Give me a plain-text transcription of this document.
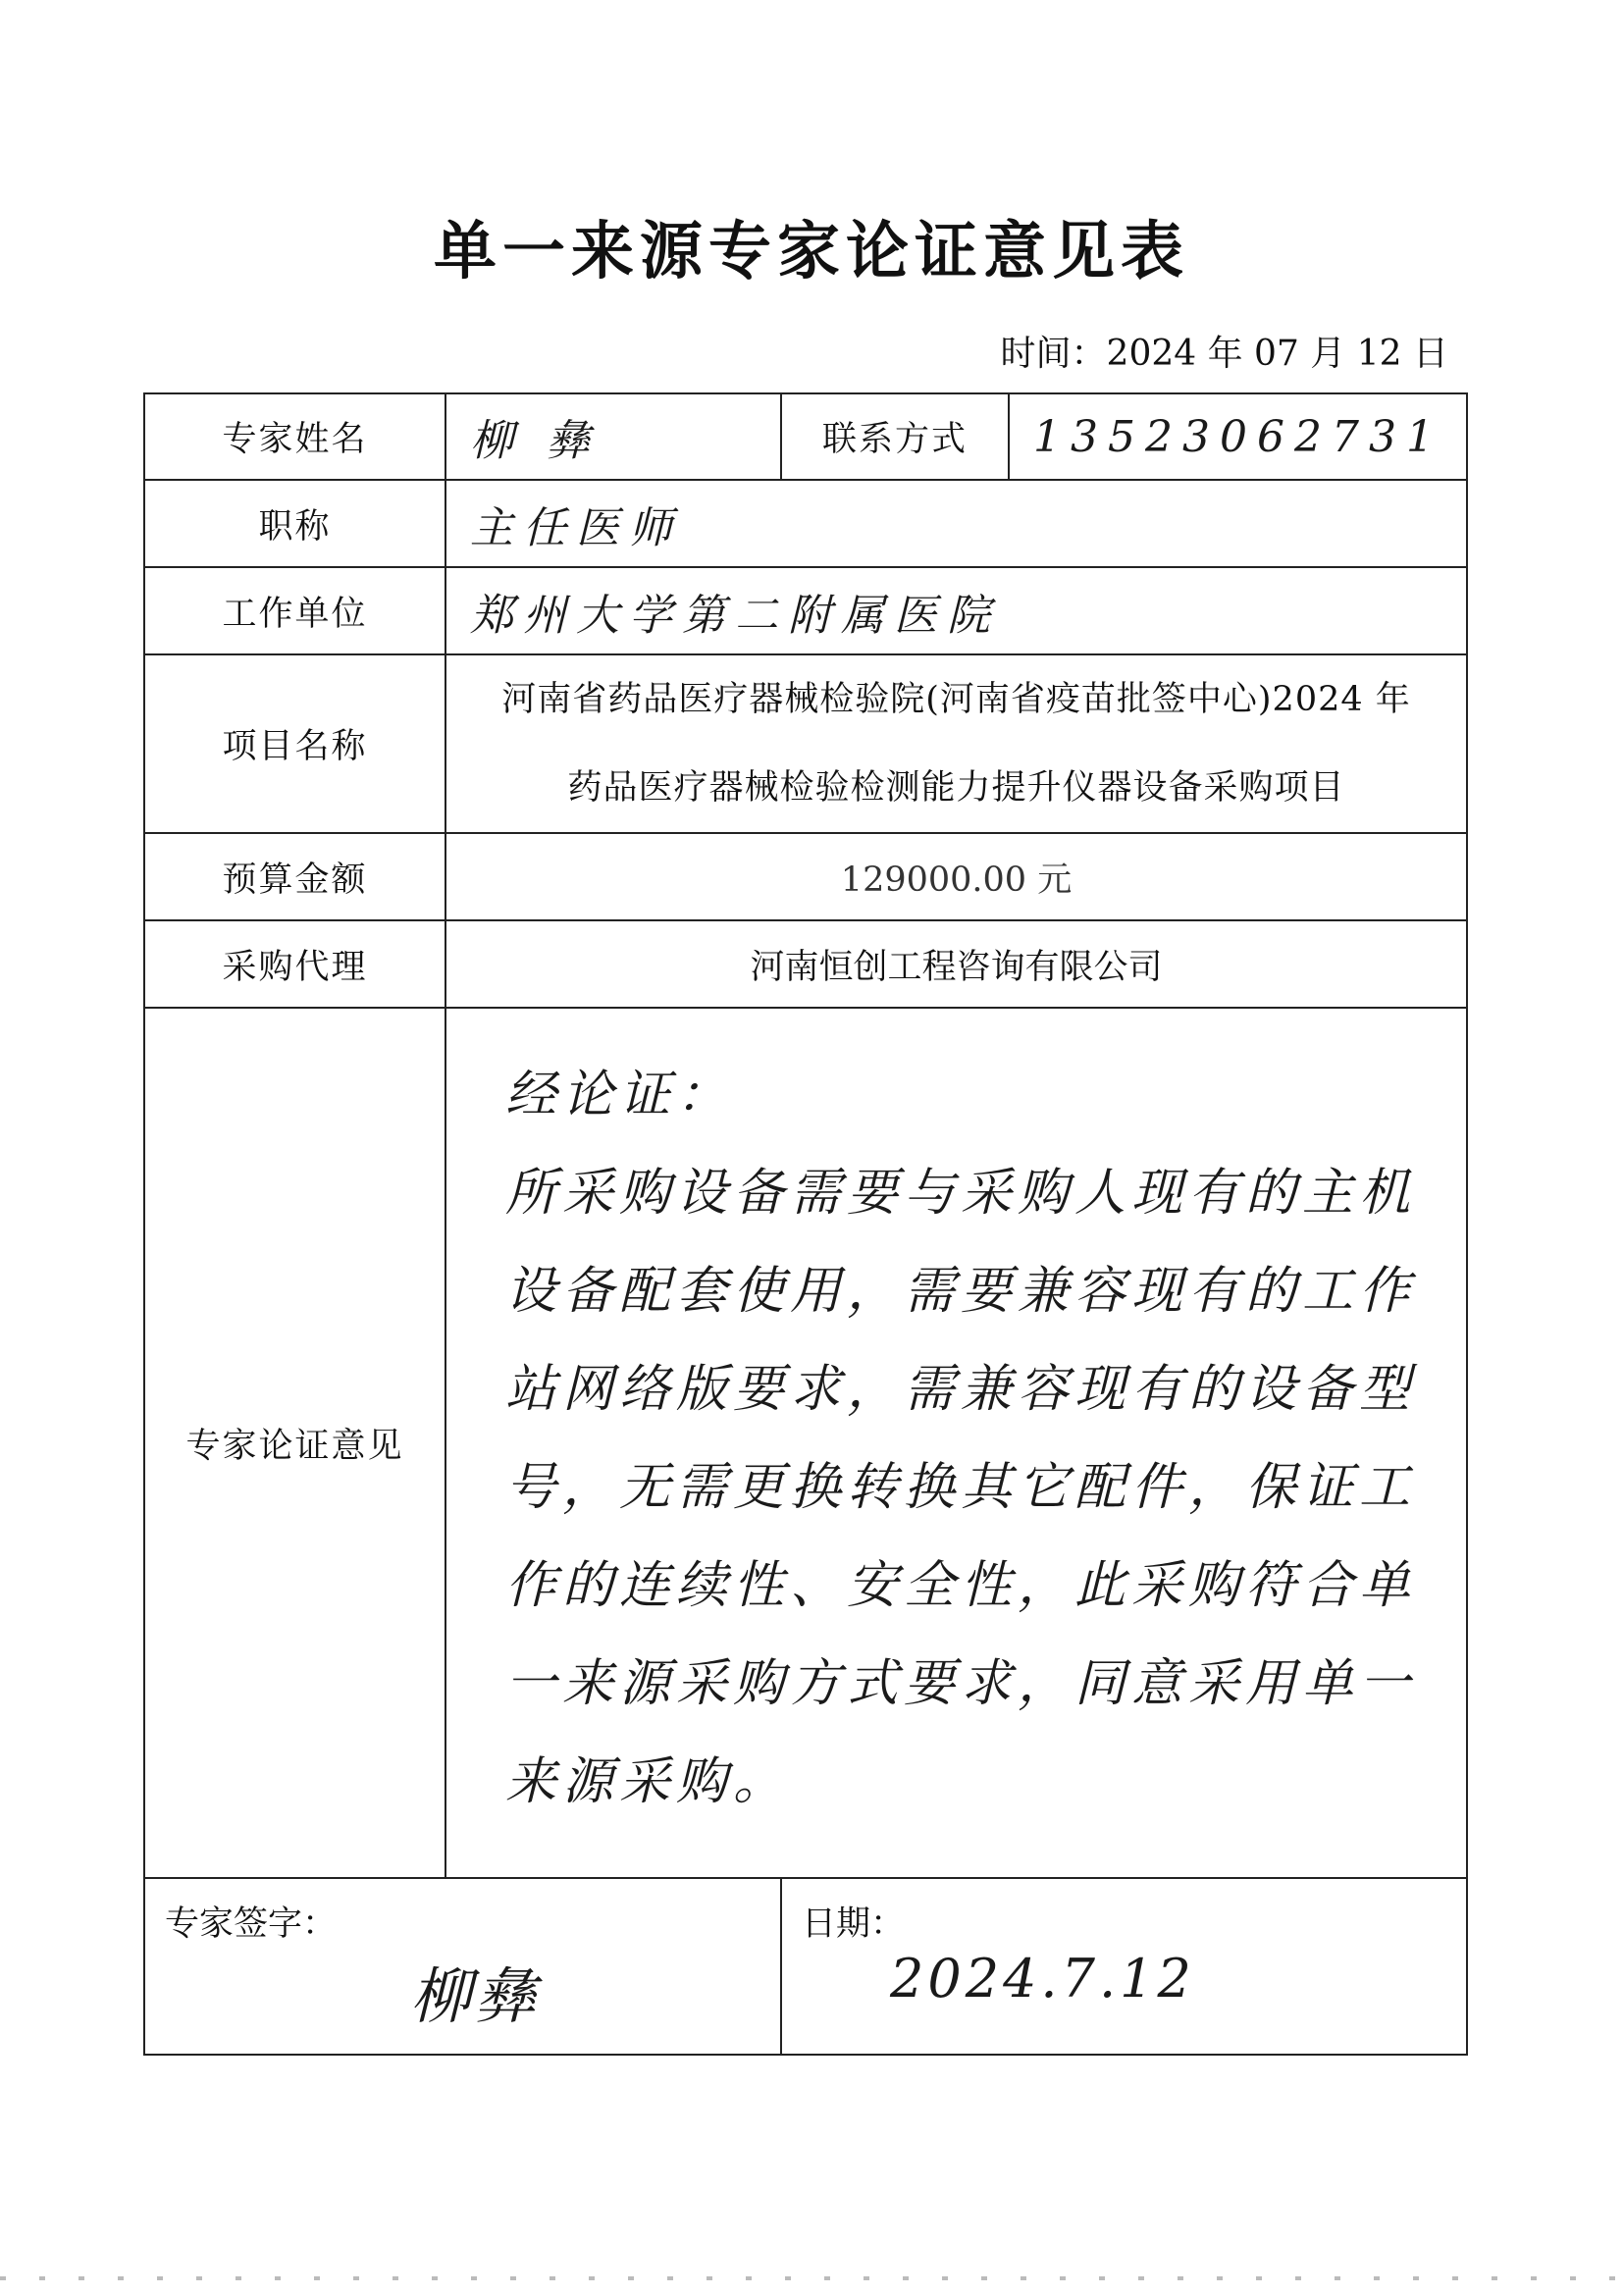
单一来源专家论证意见表
时间：2024 年 07 月 12 日
专家姓名	柳 彝	联系方式	13523062731
职称	主任医师		
工作单位	郑州大学第二附属医院		
项目名称	河南省药品医疗器械检验院(河南省疫苗批签中心)2024 年
药品医疗器械检验检测能力提升仪器设备采购项目		

预算金额	129000.00 元		
采购代理	河南恒创工程咨询有限公司		
专家论证意见	经论证：
所采购设备需要与采购人现有的主机设备配套使用，需要兼容现有的工作站网络版要求，需兼容现有的设备型号，无需更换转换其它配件，保证工作的连续性、安全性，此采购符合单一来源采购方式要求，同意采用单一来源采购。		

专家签字：
柳彝		日期：
2024.7.12	
